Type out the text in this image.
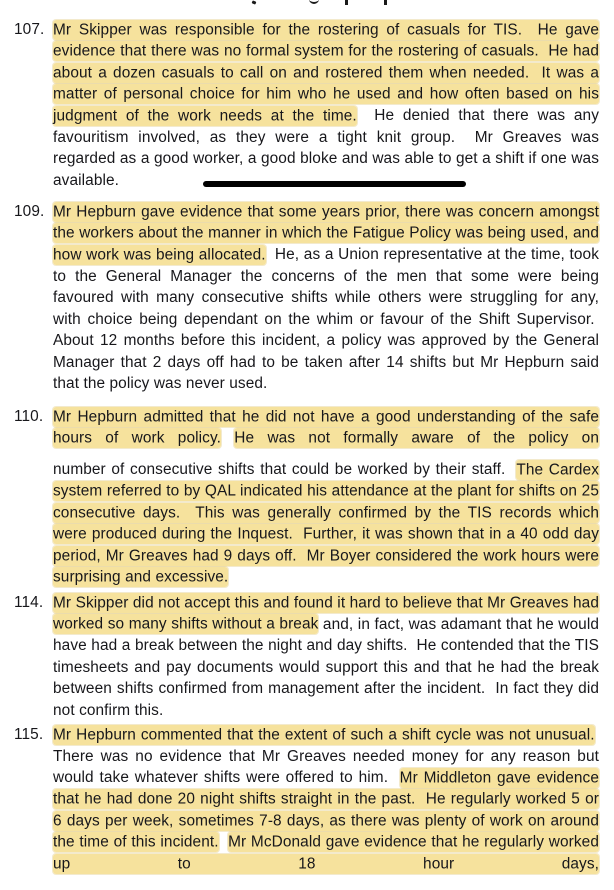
107. Mr Skipper was responsible for the rostering of casuals for TIS.  He gave evidence that there was no formal system for the rostering of casuals.  He had about a dozen casuals to call on and rostered them when needed.  It was a matter of personal choice for him who he used and how often based on his judgment of the work needs at the time.  He denied that there was any favouritism involved, as they were a tight knit group.  Mr Greaves was regarded as a good worker, a good bloke and was able to get a shift if one was available.
109. Mr Hepburn gave evidence that some years prior, there was concern amongst the workers about the manner in which the Fatigue Policy was being used, and how work was being allocated.  He, as a Union representative at the time, took to the General Manager the concerns of the men that some were being favoured with many consecutive shifts while others were struggling for any, with choice being dependant on the whim or favour of the Shift Supervisor.  About 12 months before this incident, a policy was approved by the General Manager that 2 days off had to be taken after 14 shifts but Mr Hepburn said that the policy was never used.
110. Mr Hepburn admitted that he did not have a good understanding of the safe hours of work policy. He was not formally aware of the policy on
number of consecutive shifts that could be worked by their staff.  The Cardex system referred to by QAL indicated his attendance at the plant for shifts on 25 consecutive days.  This was generally confirmed by the TIS records which were produced during the Inquest.  Further, it was shown that in a 40 odd day period, Mr Greaves had 9 days off.  Mr Boyer considered the work hours were surprising and excessive.
114. Mr Skipper did not accept this and found it hard to believe that Mr Greaves had worked so many shifts without a break and, in fact, was adamant that he would have had a break between the night and day shifts.  He contended that the TIS timesheets and pay documents would support this and that he had the break between shifts confirmed from management after the incident.  In fact they did not confirm this.
115. Mr Hepburn commented that the extent of such a shift cycle was not unusual.  There was no evidence that Mr Greaves needed money for any reason but would take whatever shifts were offered to him.  Mr Middleton gave evidence that he had done 20 night shifts straight in the past.  He regularly worked 5 or 6 days per week, sometimes 7-8 days, as there was plenty of work on around the time of this incident. Mr McDonald gave evidence that he regularly worked up to 18 hour days,
